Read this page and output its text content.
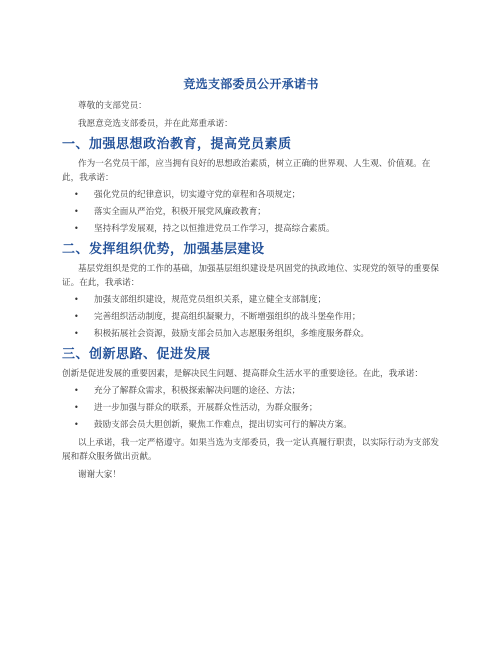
竞选支部委员公开承诺书

尊敬的支部党员：

我愿意竞选支部委员，并在此郑重承诺：

一、加强思想政治教育，提高党员素质

作为一名党员干部，应当拥有良好的思想政治素质，树立正确的世界观、人生观、价值观。在此，我承诺：

• 强化党员的纪律意识，切实遵守党的章程和各项规定；
• 落实全面从严治党，积极开展党风廉政教育；
• 坚持科学发展观，持之以恒推进党员工作学习，提高综合素质。
二、发挥组织优势，加强基层建设

基层党组织是党的工作的基础，加强基层组织建设是巩固党的执政地位、实现党的领导的重要保证。在此，我承诺：

• 加强支部组织建设，规范党员组织关系，建立健全支部制度；
• 完善组织活动制度，提高组织凝聚力，不断增强组织的战斗堡垒作用；
• 积极拓展社会资源，鼓励支部会员加入志愿服务组织，多维度服务群众。
三、创新思路、促进发展

创新是促进发展的重要因素，是解决民生问题、提高群众生活水平的重要途径。在此，我承诺：

• 充分了解群众需求，积极探索解决问题的途径、方法；
• 进一步加强与群众的联系，开展群众性活动，为群众服务；
• 鼓励支部会员大胆创新，聚焦工作难点，提出切实可行的解决方案。

以上承诺，我一定严格遵守。如果当选为支部委员，我一定认真履行职责，以实际行动为支部发展和群众服务做出贡献。

谢谢大家！
